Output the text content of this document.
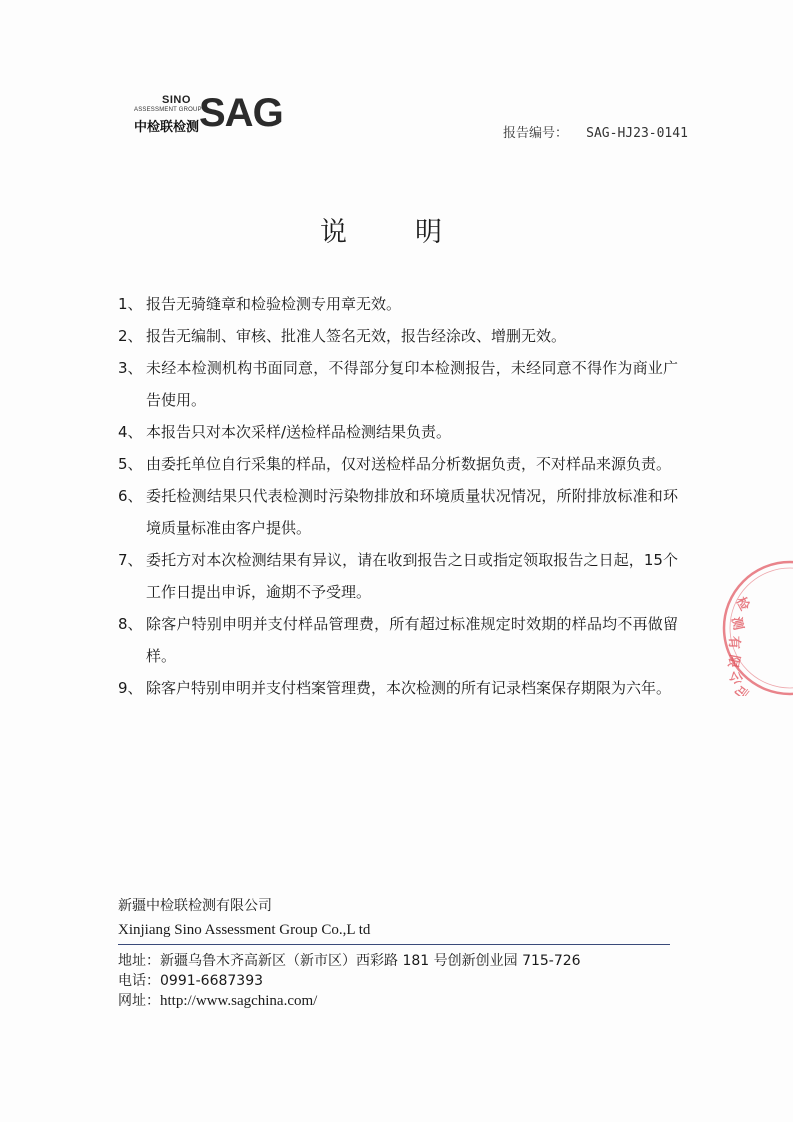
SINO
ASSESSMENT GROUP
中检联检测 SAG	报告编号： SAG-HJ23-0141
说明
1、 报告无骑缝章和检验检测专用章无效。
2、 报告无编制、审核、批准人签名无效，报告经涂改、增删无效。
3、 未经本检测机构书面同意，不得部分复印本检测报告，未经同意不得作为商业广告使用。
4、 本报告只对本次采样/送检样品检测结果负责。
5、 由委托单位自行采集的样品，仅对送检样品分析数据负责，不对样品来源负责。
6、 委托检测结果只代表检测时污染物排放和环境质量状况情况，所附排放标准和环境质量标准由客户提供。
7、 委托方对本次检测结果有异议，请在收到报告之日或指定领取报告之日起，15个工作日提出申诉，逾期不予受理。
8、 除客户特别申明并支付样品管理费，所有超过标准规定时效期的样品均不再做留样。
9、 除客户特别申明并支付档案管理费，本次检测的所有记录档案保存期限为六年。
新疆中检联检测有限公司
Xinjiang Sino Assessment Group Co.,L td
地址：新疆乌鲁木齐高新区（新市区）西彩路 181 号创新创业园 715-726
电话：0991-6687393
网址：http://www.sagchina.com/
检
测
有
限
公
司
